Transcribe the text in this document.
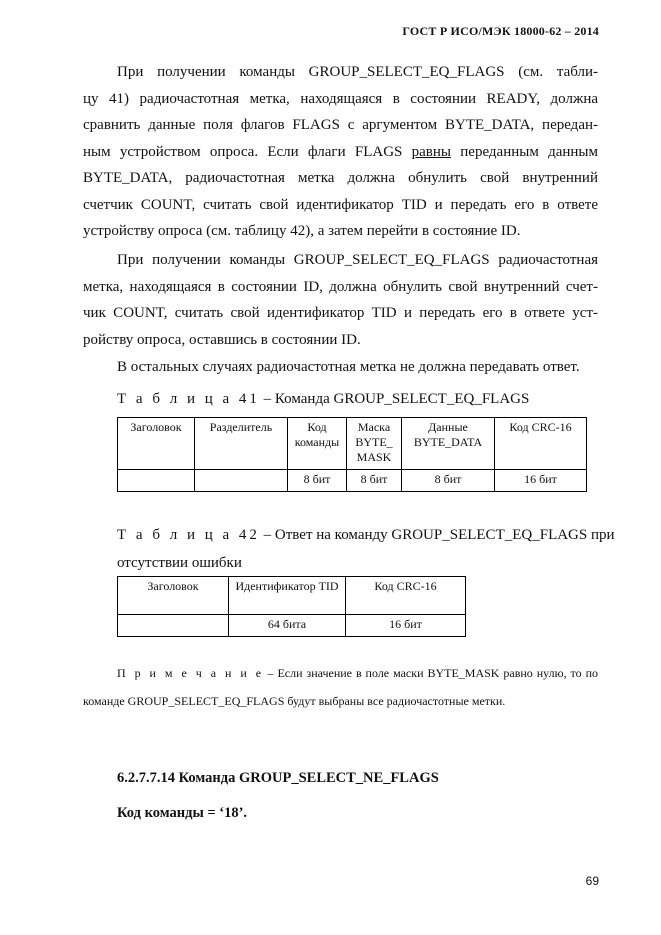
ГОСТ Р ИСО/МЭК 18000-62 – 2014
При получении команды GROUP_SELECT_EQ_FLAGS (см. табли-
цу 41) радиочастотная метка, находящаяся в состоянии READY, должна
сравнить данные поля флагов FLAGS с аргументом BYTE_DATA, передан-
ным устройством опроса. Если флаги FLAGS равны переданным данным
BYTE_DATA, радиочастотная метка должна обнулить свой внутренний
счетчик COUNT, считать свой идентификатор TID и передать его в ответе
устройству опроса (см. таблицу 42), а затем перейти в состояние ID.
При получении команды GROUP_SELECT_EQ_FLAGS радиочастотная
метка, находящаяся в состоянии ID, должна обнулить свой внутренний счет-
чик COUNT, считать свой идентификатор TID и передать его в ответе уст-
ройству опроса, оставшись в состоянии ID.
В остальных случаях радиочастотная метка не должна передавать ответ.
Т а б л и ц а 41 – Команда GROUP_SELECT_EQ_FLAGS
Заголовок	Разделитель	Код команды	Маска BYTE_ MASK	Данные BYTE_DATA	Код CRC-16
		8 бит	8 бит	8 бит	16 бит
Т а б л и ц а 42 – Ответ на команду GROUP_SELECT_EQ_FLAGS при
отсутствии ошибки
Заголовок	Идентификатор TID	Код CRC-16
	64 бита	16 бит
П р и м е ч а н и е – Если значение в поле маски BYTE_MASK равно нулю, то по
команде GROUP_SELECT_EQ_FLAGS будут выбраны все радиочастотные метки.
6.2.7.7.14 Команда GROUP_SELECT_NE_FLAGS
Код команды = ‘18’.
69
